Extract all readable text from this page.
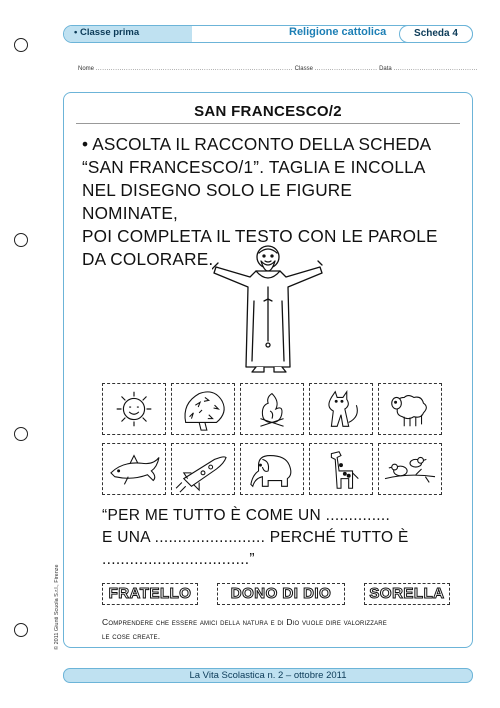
• Classe prima	Religione cattolica	Scheda 4
Nome ........................................................................................... Classe ............................. Data .......................................
SAN FRANCESCO/2
• ASCOLTA IL RACCONTO DELLA SCHEDA
“SAN FRANCESCO/1”. TAGLIA E INCOLLA
NEL DISEGNO SOLO LE FIGURE NOMINATE,
POI COMPLETA IL TESTO CON LE PAROLE
DA COLORARE.
“PER ME TUTTO È COME UN ..............
E UNA ........................ PERCHÉ TUTTO È
................................”
FRATELLO	DONO DI DIO	SORELLA
Comprendere che essere amici della natura e di Dio vuole dire valorizzare
le cose create.
© 2011 Giunti Scuola S.r.l., Firenze
La Vita Scolastica n. 2 – ottobre 2011
